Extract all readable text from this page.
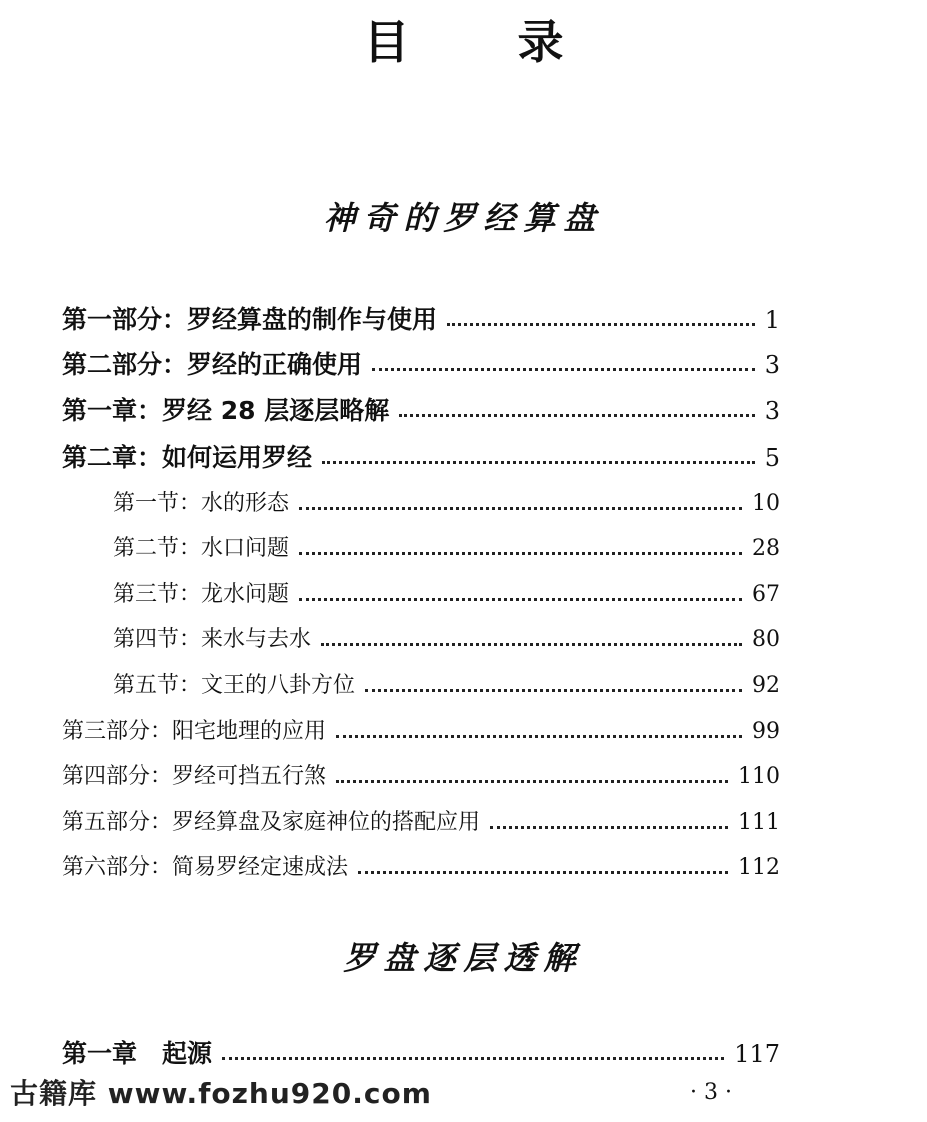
目录
神奇的罗经算盘
第一部分：罗经算盘的制作与使用	1
第二部分：罗经的正确使用	3
第一章：罗经 28 层逐层略解	3
第二章：如何运用罗经	5
第一节：水的形态	10
第二节：水口问题	28
第三节：龙水问题	67
第四节：来水与去水	80
第五节：文王的八卦方位	92
第三部分：阳宅地理的应用	99
第四部分：罗经可挡五行煞	110
第五部分：罗经算盘及家庭神位的搭配应用	111
第六部分：简易罗经定速成法	112
罗盘逐层透解
第一章　起源	117
古籍库 www.fozhu920.com	· 3 ·
